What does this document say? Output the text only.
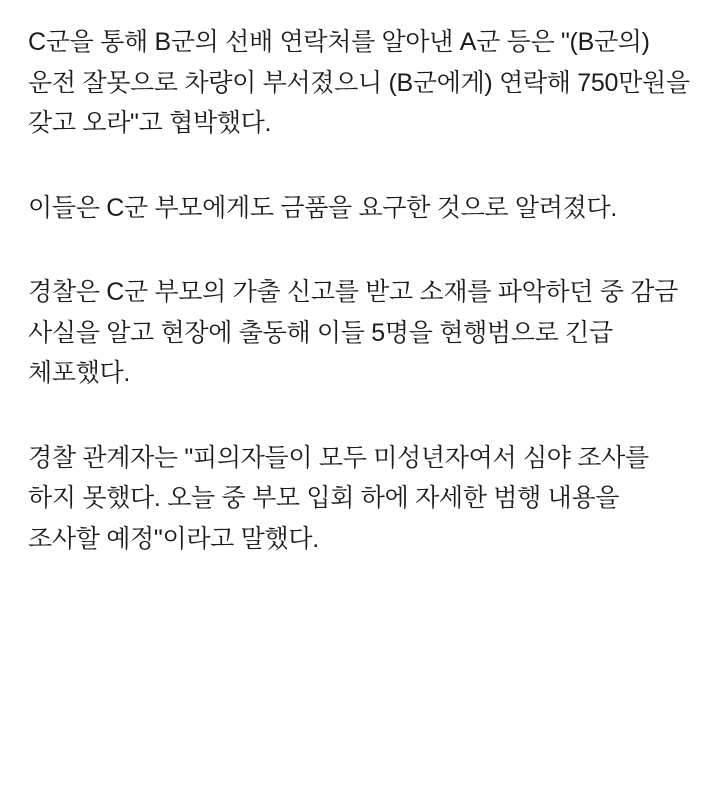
C군을 통해 B군의 선배 연락처를 알아낸 A군 등은 "(B군의) 운전 잘못으로 차량이 부서졌으니 (B군에게) 연락해 750만원을 갖고 오라"고 협박했다.

이들은 C군 부모에게도 금품을 요구한 것으로 알려졌다.

경찰은 C군 부모의 가출 신고를 받고 소재를 파악하던 중 감금 사실을 알고 현장에 출동해 이들 5명을 현행범으로 긴급 체포했다.

경찰 관계자는 "피의자들이 모두 미성년자여서 심야 조사를 하지 못했다. 오늘 중 부모 입회 하에 자세한 범행 내용을 조사할 예정"이라고 말했다.
